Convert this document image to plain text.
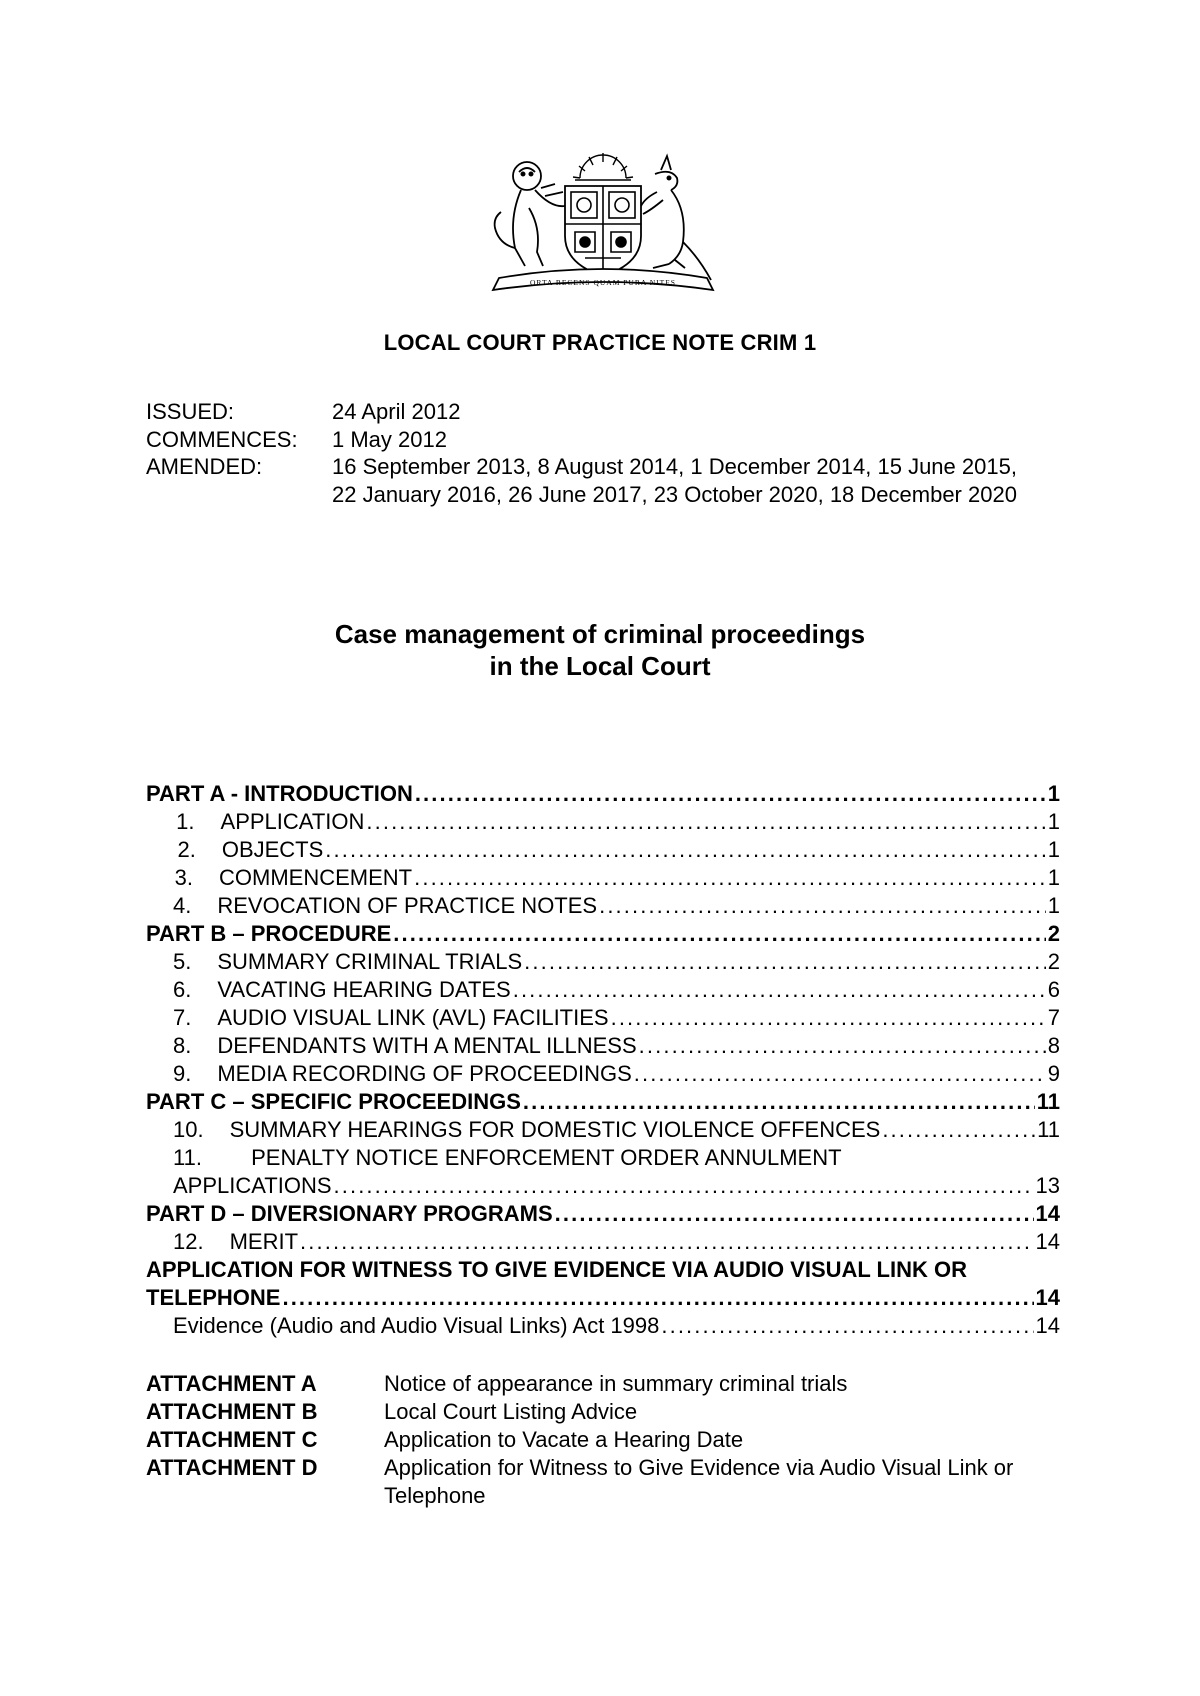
ORTA RECENS QUAM PURA NITES
LOCAL COURT PRACTICE NOTE CRIM 1
ISSUED:	24 April 2012
COMMENCES:	1 May 2012
AMENDED:	16 September 2013, 8 August 2014, 1 December 2014, 15 June 2015, 22 January 2016, 26 June 2017, 23 October 2020, 18 December 2020
Case management of criminal proceedings
in the Local Court
PART A - INTRODUCTION . . .	1
1.	APPLICATION . . .	1
2.	OBJECTS . . .	1
3.	COMMENCEMENT . . .	1
4.	REVOCATION OF PRACTICE NOTES . . .	1
PART B – PROCEDURE . . .	2
5.	SUMMARY CRIMINAL TRIALS . . .	2
6.	VACATING HEARING DATES . . .	6
7.	AUDIO VISUAL LINK (AVL) FACILITIES . . .	7
8.	DEFENDANTS WITH A MENTAL ILLNESS . . .	8
9.	MEDIA RECORDING OF PROCEEDINGS . . .	9
PART C – SPECIFIC PROCEEDINGS . . .	11
10.	SUMMARY HEARINGS FOR DOMESTIC VIOLENCE OFFENCES . . .	11
11. PENALTY NOTICE ENFORCEMENT ORDER ANNULMENT
APPLICATIONS . . .	13
PART D – DIVERSIONARY PROGRAMS . . .	14
12.	MERIT . . .	14
APPLICATION FOR WITNESS TO GIVE EVIDENCE VIA AUDIO VISUAL LINK OR
TELEPHONE . . .	14
Evidence (Audio and Audio Visual Links) Act 1998 . . .	14
ATTACHMENT A	Notice of appearance in summary criminal trials
ATTACHMENT B	Local Court Listing Advice
ATTACHMENT C	Application to Vacate a Hearing Date
ATTACHMENT D	Application for Witness to Give Evidence via Audio Visual Link or Telephone
